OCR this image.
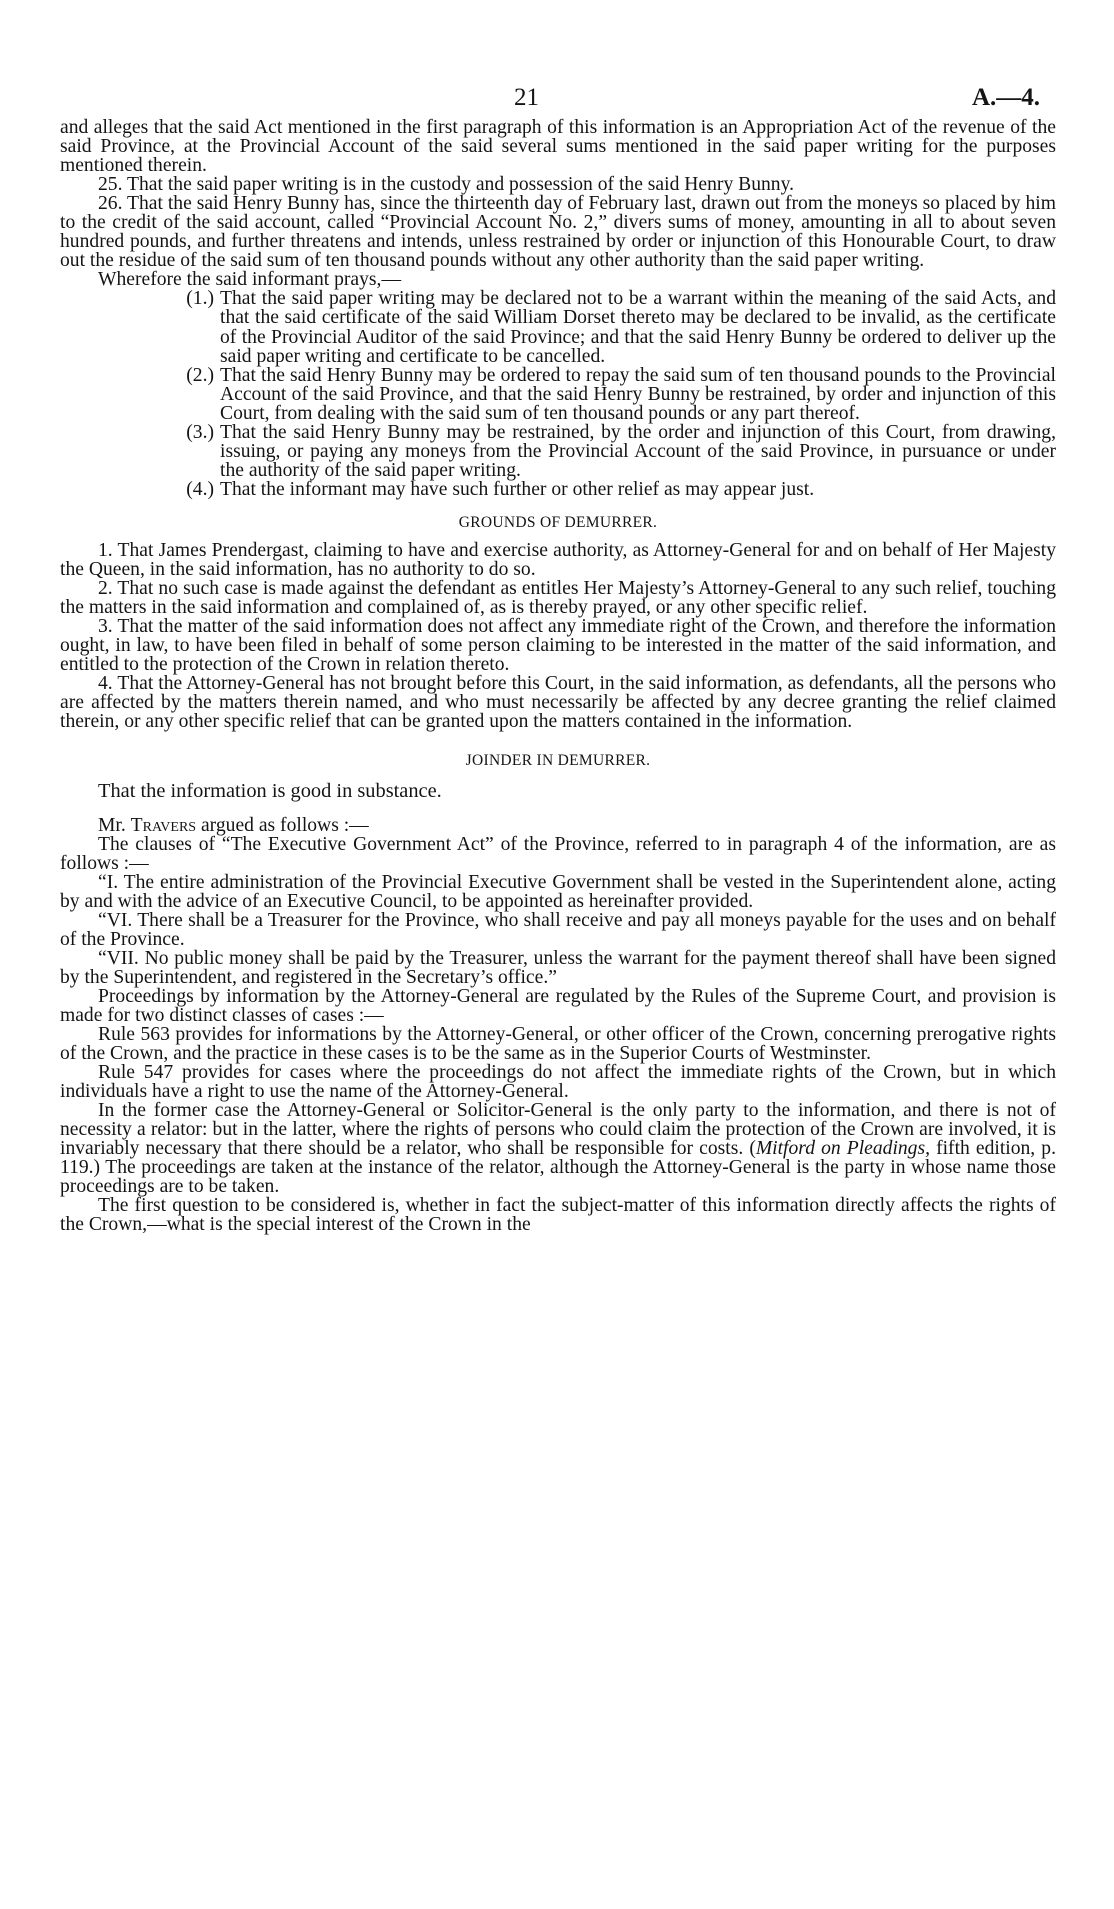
21	A.—4.

and alleges that the said Act mentioned in the first paragraph of this information is an Appropriation Act of the revenue of the said Province, at the Provincial Account of the said several sums mentioned in the said paper writing for the purposes mentioned therein.

25. That the said paper writing is in the custody and possession of the said Henry Bunny.

26. That the said Henry Bunny has, since the thirteenth day of February last, drawn out from the moneys so placed by him to the credit of the said account, called “Provincial Account No. 2,” divers sums of money, amounting in all to about seven hundred pounds, and further threatens and intends, unless restrained by order or injunction of this Honourable Court, to draw out the residue of the said sum of ten thousand pounds without any other authority than the said paper writing.

Wherefore the said informant prays,—

(1.) That the said paper writing may be declared not to be a warrant within the meaning of the said Acts, and that the said certificate of the said William Dorset thereto may be declared to be invalid, as the certificate of the Provincial Auditor of the said Province; and that the said Henry Bunny be ordered to deliver up the said paper writing and certificate to be cancelled.
(2.) That the said Henry Bunny may be ordered to repay the said sum of ten thousand pounds to the Provincial Account of the said Province, and that the said Henry Bunny be restrained, by order and injunction of this Court, from dealing with the said sum of ten thousand pounds or any part thereof.
(3.) That the said Henry Bunny may be restrained, by the order and injunction of this Court, from drawing, issuing, or paying any moneys from the Provincial Account of the said Province, in pursuance or under the authority of the said paper writing.
(4.) That the informant may have such further or other relief as may appear just.

GROUNDS OF DEMURRER.

1. That James Prendergast, claiming to have and exercise authority, as Attorney-General for and on behalf of Her Majesty the Queen, in the said information, has no authority to do so.

2. That no such case is made against the defendant as entitles Her Majesty’s Attorney-General to any such relief, touching the matters in the said information and complained of, as is thereby prayed, or any other specific relief.

3. That the matter of the said information does not affect any immediate right of the Crown, and therefore the information ought, in law, to have been filed in behalf of some person claiming to be interested in the matter of the said information, and entitled to the protection of the Crown in relation thereto.

4. That the Attorney-General has not brought before this Court, in the said information, as defendants, all the persons who are affected by the matters therein named, and who must necessarily be affected by any decree granting the relief claimed therein, or any other specific relief that can be granted upon the matters contained in the information.

JOINDER IN DEMURRER.

That the information is good in substance.

Mr. Travers argued as follows :—

The clauses of “The Executive Government Act” of the Province, referred to in paragraph 4 of the information, are as follows :—

“I. The entire administration of the Provincial Executive Government shall be vested in the Superintendent alone, acting by and with the advice of an Executive Council, to be appointed as hereinafter provided.

“VI. There shall be a Treasurer for the Province, who shall receive and pay all moneys payable for the uses and on behalf of the Province.

“VII. No public money shall be paid by the Treasurer, unless the warrant for the payment thereof shall have been signed by the Superintendent, and registered in the Secretary’s office.”

Proceedings by information by the Attorney-General are regulated by the Rules of the Supreme Court, and provision is made for two distinct classes of cases :—

Rule 563 provides for informations by the Attorney-General, or other officer of the Crown, concerning prerogative rights of the Crown, and the practice in these cases is to be the same as in the Superior Courts of Westminster.

Rule 547 provides for cases where the proceedings do not affect the immediate rights of the Crown, but in which individuals have a right to use the name of the Attorney-General.

In the former case the Attorney-General or Solicitor-General is the only party to the information, and there is not of necessity a relator: but in the latter, where the rights of persons who could claim the protection of the Crown are involved, it is invariably necessary that there should be a relator, who shall be responsible for costs. (Mitford on Pleadings, fifth edition, p. 119.) The proceedings are taken at the instance of the relator, although the Attorney-General is the party in whose name those proceedings are to be taken.

The first question to be considered is, whether in fact the subject-matter of this information directly affects the rights of the Crown,—what is the special interest of the Crown in the
